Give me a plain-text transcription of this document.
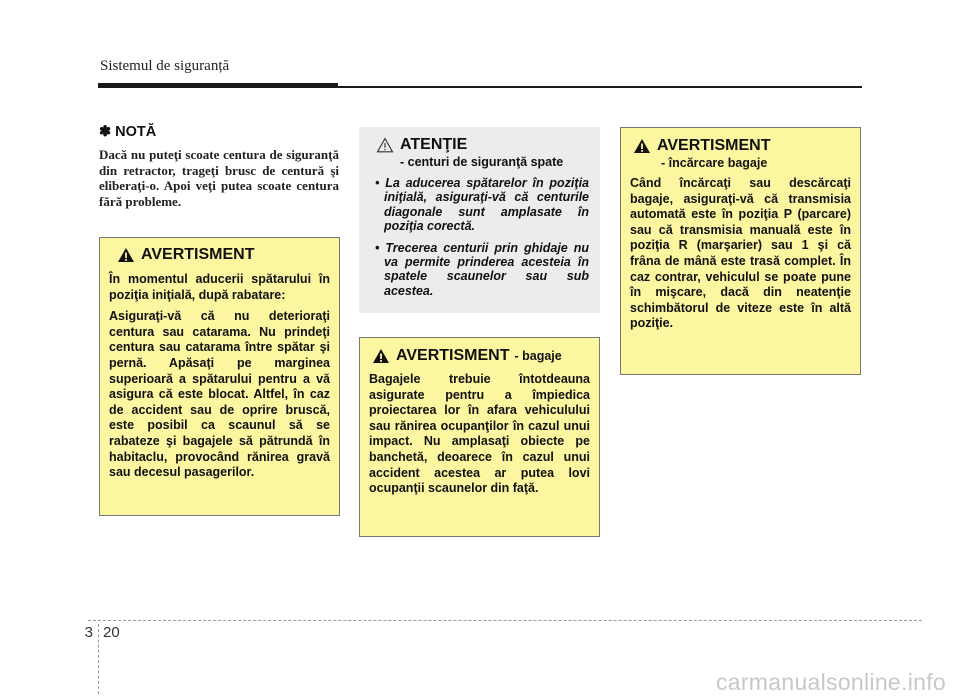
Sistemul de siguranță
✽ NOTĂ
Dacă nu puteţi scoate centura de siguranţă din retractor, trageţi brusc de centură şi eliberaţi-o. Apoi veţi putea scoate centura fără probleme.
AVERTISMENT

În momentul aducerii spătarului în poziţia iniţială, după rabatare:

Asiguraţi-vă că nu deterioraţi centura sau catarama. Nu prindeţi centura sau catarama între spătar şi pernă. Apăsaţi pe marginea superioară a spătarului pentru a vă asigura că este blocat. Altfel, în caz de accident sau de oprire bruscă, este posibil ca scaunul să se rabateze şi bagajele să pătrundă în habitaclu, provocând rănirea gravă sau decesul pasagerilor.

ATENŢIE
- centuri de siguranţă spate
• La aducerea spătarelor în poziţia iniţială, asiguraţi-vă că centurile diagonale sunt amplasate în poziţia corectă.
• Trecerea centurii prin ghidaje nu va permite prinderea acesteia în spatele scaunelor sau sub acestea.
AVERTISMENT - bagaje

Bagajele trebuie întotdeauna asigurate pentru a împiedica proiectarea lor în afara vehiculului sau rănirea ocupanţilor în cazul unui impact. Nu amplasaţi obiecte pe banchetă, deoarece în cazul unui accident acestea ar putea lovi ocupanţii scaunelor din faţă.

AVERTISMENT
- încărcare bagaje

Când încărcaţi sau descărcaţi bagaje, asiguraţi-vă că transmisia automată este în poziţia P (parcare) sau că transmisia manuală este în poziţia R (marşarier) sau 1 şi că frâna de mână este trasă complet. În caz contrar, vehiculul se poate pune în mişcare, dacă din neatenţie schimbătorul de viteze este în altă poziţie.

3 20
carmanualsonline.info
